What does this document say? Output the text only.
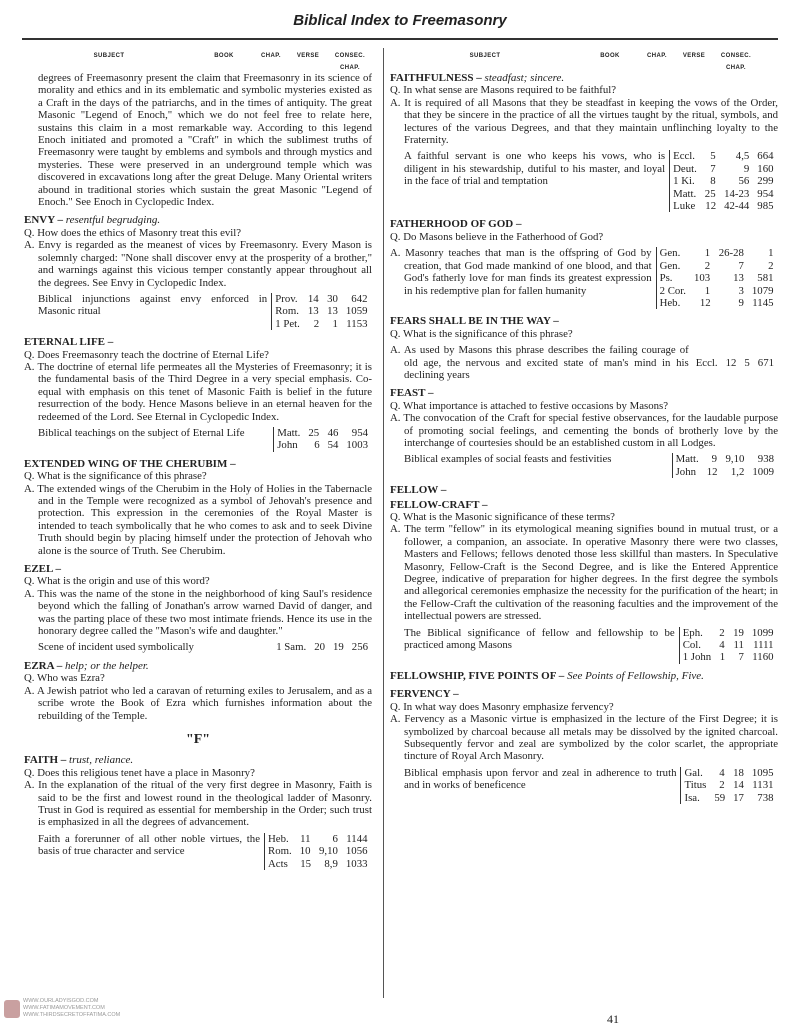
Biblical Index to Freemasonry
SUBJECT	BOOK	CHAP.	VERSE	CONSEC. CHAP.
degrees of Freemasonry present the claim that Freemasonry in its science of morality and ethics and in its emblematic and symbolic mysteries existed as a Craft in the days of the patriarchs, and in the times of antiquity. The great Masonic "Legend of Enoch," which we do not feel free to relate here, sustains this claim in a most remarkable way. According to this legend Enoch initiated and promoted a "Craft" in which the sublimest truths of Freemasonry were taught by emblems and symbols and through mystics and mysteries. These were preserved in an underground temple which was discovered in excavations long after the great Deluge. Many Oriental writers abound in traditional stories which sustain the great Masonic "Legend of Enoch." See Enoch in Cyclopedic Index.
ENVY – resentful begrudging.
Q. How does the ethics of Masonry treat this evil?
A. Envy is regarded as the meanest of vices by Freemasonry. Every Mason is solemnly charged: "None shall discover envy at the prosperity of a brother," and warnings against this vicious temper constantly appear throughout all the degrees. See Envy in Cyclopedic Index.
Biblical injunctions against envy enforced in Masonic ritual
Prov.	14	30	642
Rom.	13	13	1059
1 Pet.	2	1	1153
ETERNAL LIFE –
Q. Does Freemasonry teach the doctrine of Eternal Life?
A. The doctrine of eternal life permeates all the Mysteries of Freemasonry; it is the fundamental basis of the Third Degree in a very special emphasis. Co-equal with emphasis on this tenet of Masonic Faith is belief in the future resurrection of the body. Hence Masons believe in an eternal heaven for the redeemed of the Lord. See Eternal in Cyclopedic Index.
Biblical teachings on the subject of Eternal Life	Matt.	25	46	954
John	6	54	1003
EXTENDED WING OF THE CHERUBIM –
Q. What is the significance of this phrase?
A. The extended wings of the Cherubim in the Holy of Holies in the Tabernacle and in the Temple were recognized as a symbol of Jehovah's presence and protection. This expression in the ceremonies of the Royal Master is intended to teach symbolically that he who comes to ask and to seek Divine Truth should begin by placing himself under the protection of Jehovah who alone is the source of Truth. See Cherubim.
EZEL –
Q. What is the origin and use of this word?
A. This was the name of the stone in the neighborhood of king Saul's residence beyond which the falling of Jonathan's arrow warned David of danger, and was the parting place of these two most intimate friends. Hence its use in the honorary degree called the "Mason's wife and daughter."
Scene of incident used symbolically	1 Sam.	20	19	256
EZRA – help; or the helper.
Q. Who was Ezra?
A. A Jewish patriot who led a caravan of returning exiles to Jerusalem, and as a scribe wrote the Book of Ezra which furnishes information about the rebuilding of the Temple.
"F"
FAITH – trust, reliance.
Q. Does this religious tenet have a place in Masonry?
A. In the explanation of the ritual of the very first degree in Masonry, Faith is said to be the first and lowest round in the theological ladder of Masonry. Trust in God is required as essential for membership in the Order; such trust is emphasized in all the degrees of advancement.
Faith a forerunner of all other noble virtues, the basis of true character and service
Heb.	11	6	1144
Rom.	10	9,10	1056
Acts	15	8,9	1033
SUBJECT	BOOK	CHAP.	VERSE	CONSEC. CHAP.
FAITHFULNESS – steadfast; sincere.
Q. In what sense are Masons required to be faithful?
A. It is required of all Masons that they be steadfast in keeping the vows of the Order, that they be sincere in the practice of all the virtues taught by the ritual, symbols, and lectures of the various Degrees, and that they maintain unflinching loyalty to the Fraternity.
A faithful servant is one who keeps his vows, who is diligent in his stewardship, dutiful to his master, and loyal in the face of trial and temptation
Eccl.	5	4,5	664
Deut.	7	9	160
1 Ki.	8	56	299
Matt.	25	14-23	954
Luke	12	42-44	985
FATHERHOOD OF GOD –
Q. Do Masons believe in the Fatherhood of God?
A. Masonry teaches that man is the offspring of God by creation, that God made mankind of one blood, and that God's fatherly love for man finds its greatest expression in his redemptive plan for fallen humanity
Gen.	1	26-28	1
Gen.	2	7	2
Ps.	103	13	581
2 Cor.	1	3	1079
Heb.	12	9	1145
FEARS SHALL BE IN THE WAY –
Q. What is the significance of this phrase?
A. As used by Masons this phrase describes the failing courage of old age, the nervous and excited state of man's mind in his declining years
Eccl.	12	5	671
FEAST –
Q. What importance is attached to festive occasions by Masons?
A. The convocation of the Craft for special festive observances, for the laudable purpose of promoting social feelings, and cementing the bonds of brotherly love by the interchange of courtesies should be an established custom in all Lodges.
Biblical examples of social feasts and festivities	Matt.	9	9,10	938
John	12	1,2	1009
FELLOW –
FELLOW-CRAFT –
Q. What is the Masonic significance of these terms?
A. The term "fellow" in its etymological meaning signifies bound in mutual trust, or a follower, a companion, an associate. In operative Masonry there were two classes, Masters and Fellows; fellows denoted those less skillful than masters. In Speculative Masonry, Fellow-Craft is the Second Degree, and is like the Entered Apprentice Degree, indicative of preparation for higher degrees. In the first degree the symbols and allegorical ceremonies emphasize the necessity for the purification of the heart; in the Fellow-Craft the cultivation of the reasoning faculties and the improvement of the intellectual powers are stressed.
The Biblical significance of fellow and fellowship to be practiced among Masons
Eph.	2	19	1099
Col.	4	11	1111
1 John	1	7	1160
FELLOWSHIP, FIVE POINTS OF – See Points of Fellowship, Five.
FERVENCY –
Q. In what way does Masonry emphasize fervency?
A. Fervency as a Masonic virtue is emphasized in the lecture of the First Degree; it is symbolized by charcoal because all metals may be dissolved by the ignited charcoal. Subsequently fervor and zeal are symbolized by the color scarlet, the appropriate tincture of Royal Arch Masonry.
Biblical emphasis upon fervor and zeal in adherence to truth and in works of beneficence
Gal.	4	18	1095
Titus	2	14	1131
Isa.	59	17	738
41
WWW.OURLADYISGOD.COM
WWW.FATIMAMOVEMENT.COM
WWW.THIRDSECRETOFFATIMA.COM
